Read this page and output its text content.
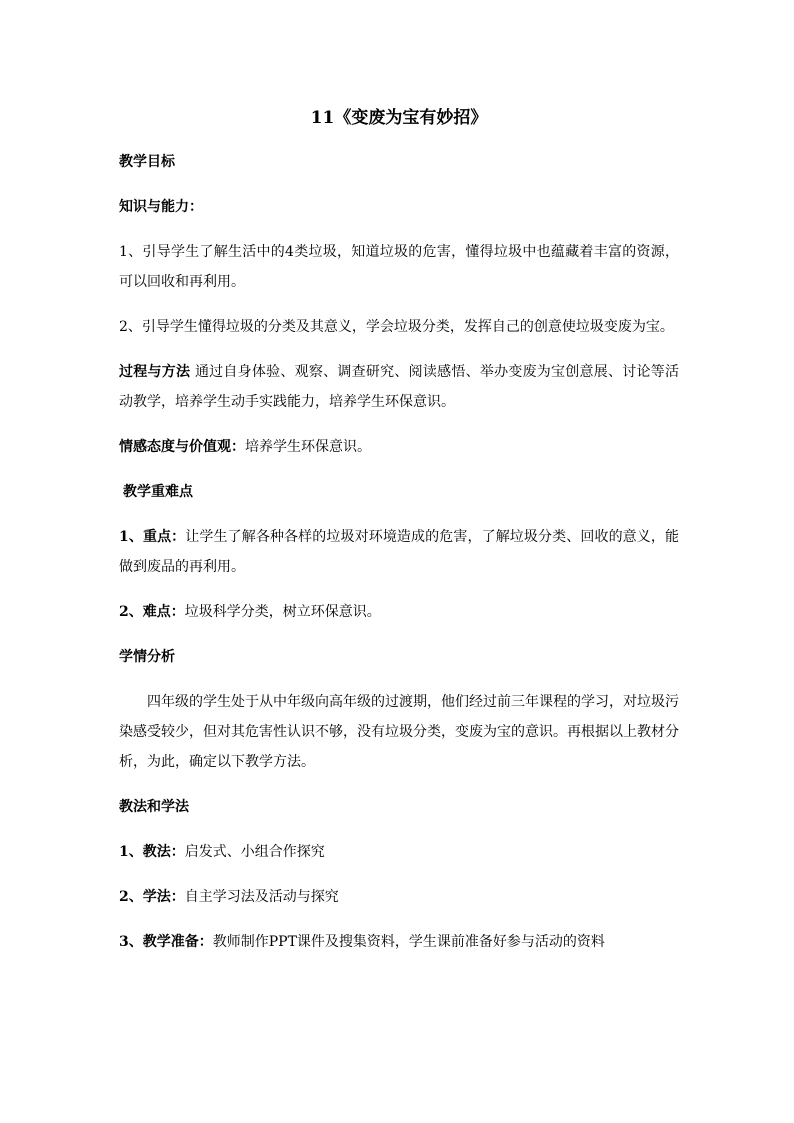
11《变废为宝有妙招》
教学目标
知识与能力：
1、引导学生了解生活中的4类垃圾，知道垃圾的危害，懂得垃圾中也蕴藏着丰富的资源，可以回收和再利用。
2、引导学生懂得垃圾的分类及其意义，学会垃圾分类，发挥自己的创意使垃圾变废为宝。
过程与方法 通过自身体验、观察、调查研究、阅读感悟、举办变废为宝创意展、讨论等活动教学，培养学生动手实践能力，培养学生环保意识。
情感态度与价值观：培养学生环保意识。
教学重难点
1、重点：让学生了解各种各样的垃圾对环境造成的危害，了解垃圾分类、回收的意义，能做到废品的再利用。
2、难点：垃圾科学分类，树立环保意识。
学情分析
四年级的学生处于从中年级向高年级的过渡期，他们经过前三年课程的学习，对垃圾污染感受较少，但对其危害性认识不够，没有垃圾分类，变废为宝的意识。再根据以上教材分析，为此，确定以下教学方法。
教法和学法
1、教法：启发式、小组合作探究
2、学法：自主学习法及活动与探究
3、教学准备：教师制作PPT课件及搜集资料，学生课前准备好参与活动的资料
